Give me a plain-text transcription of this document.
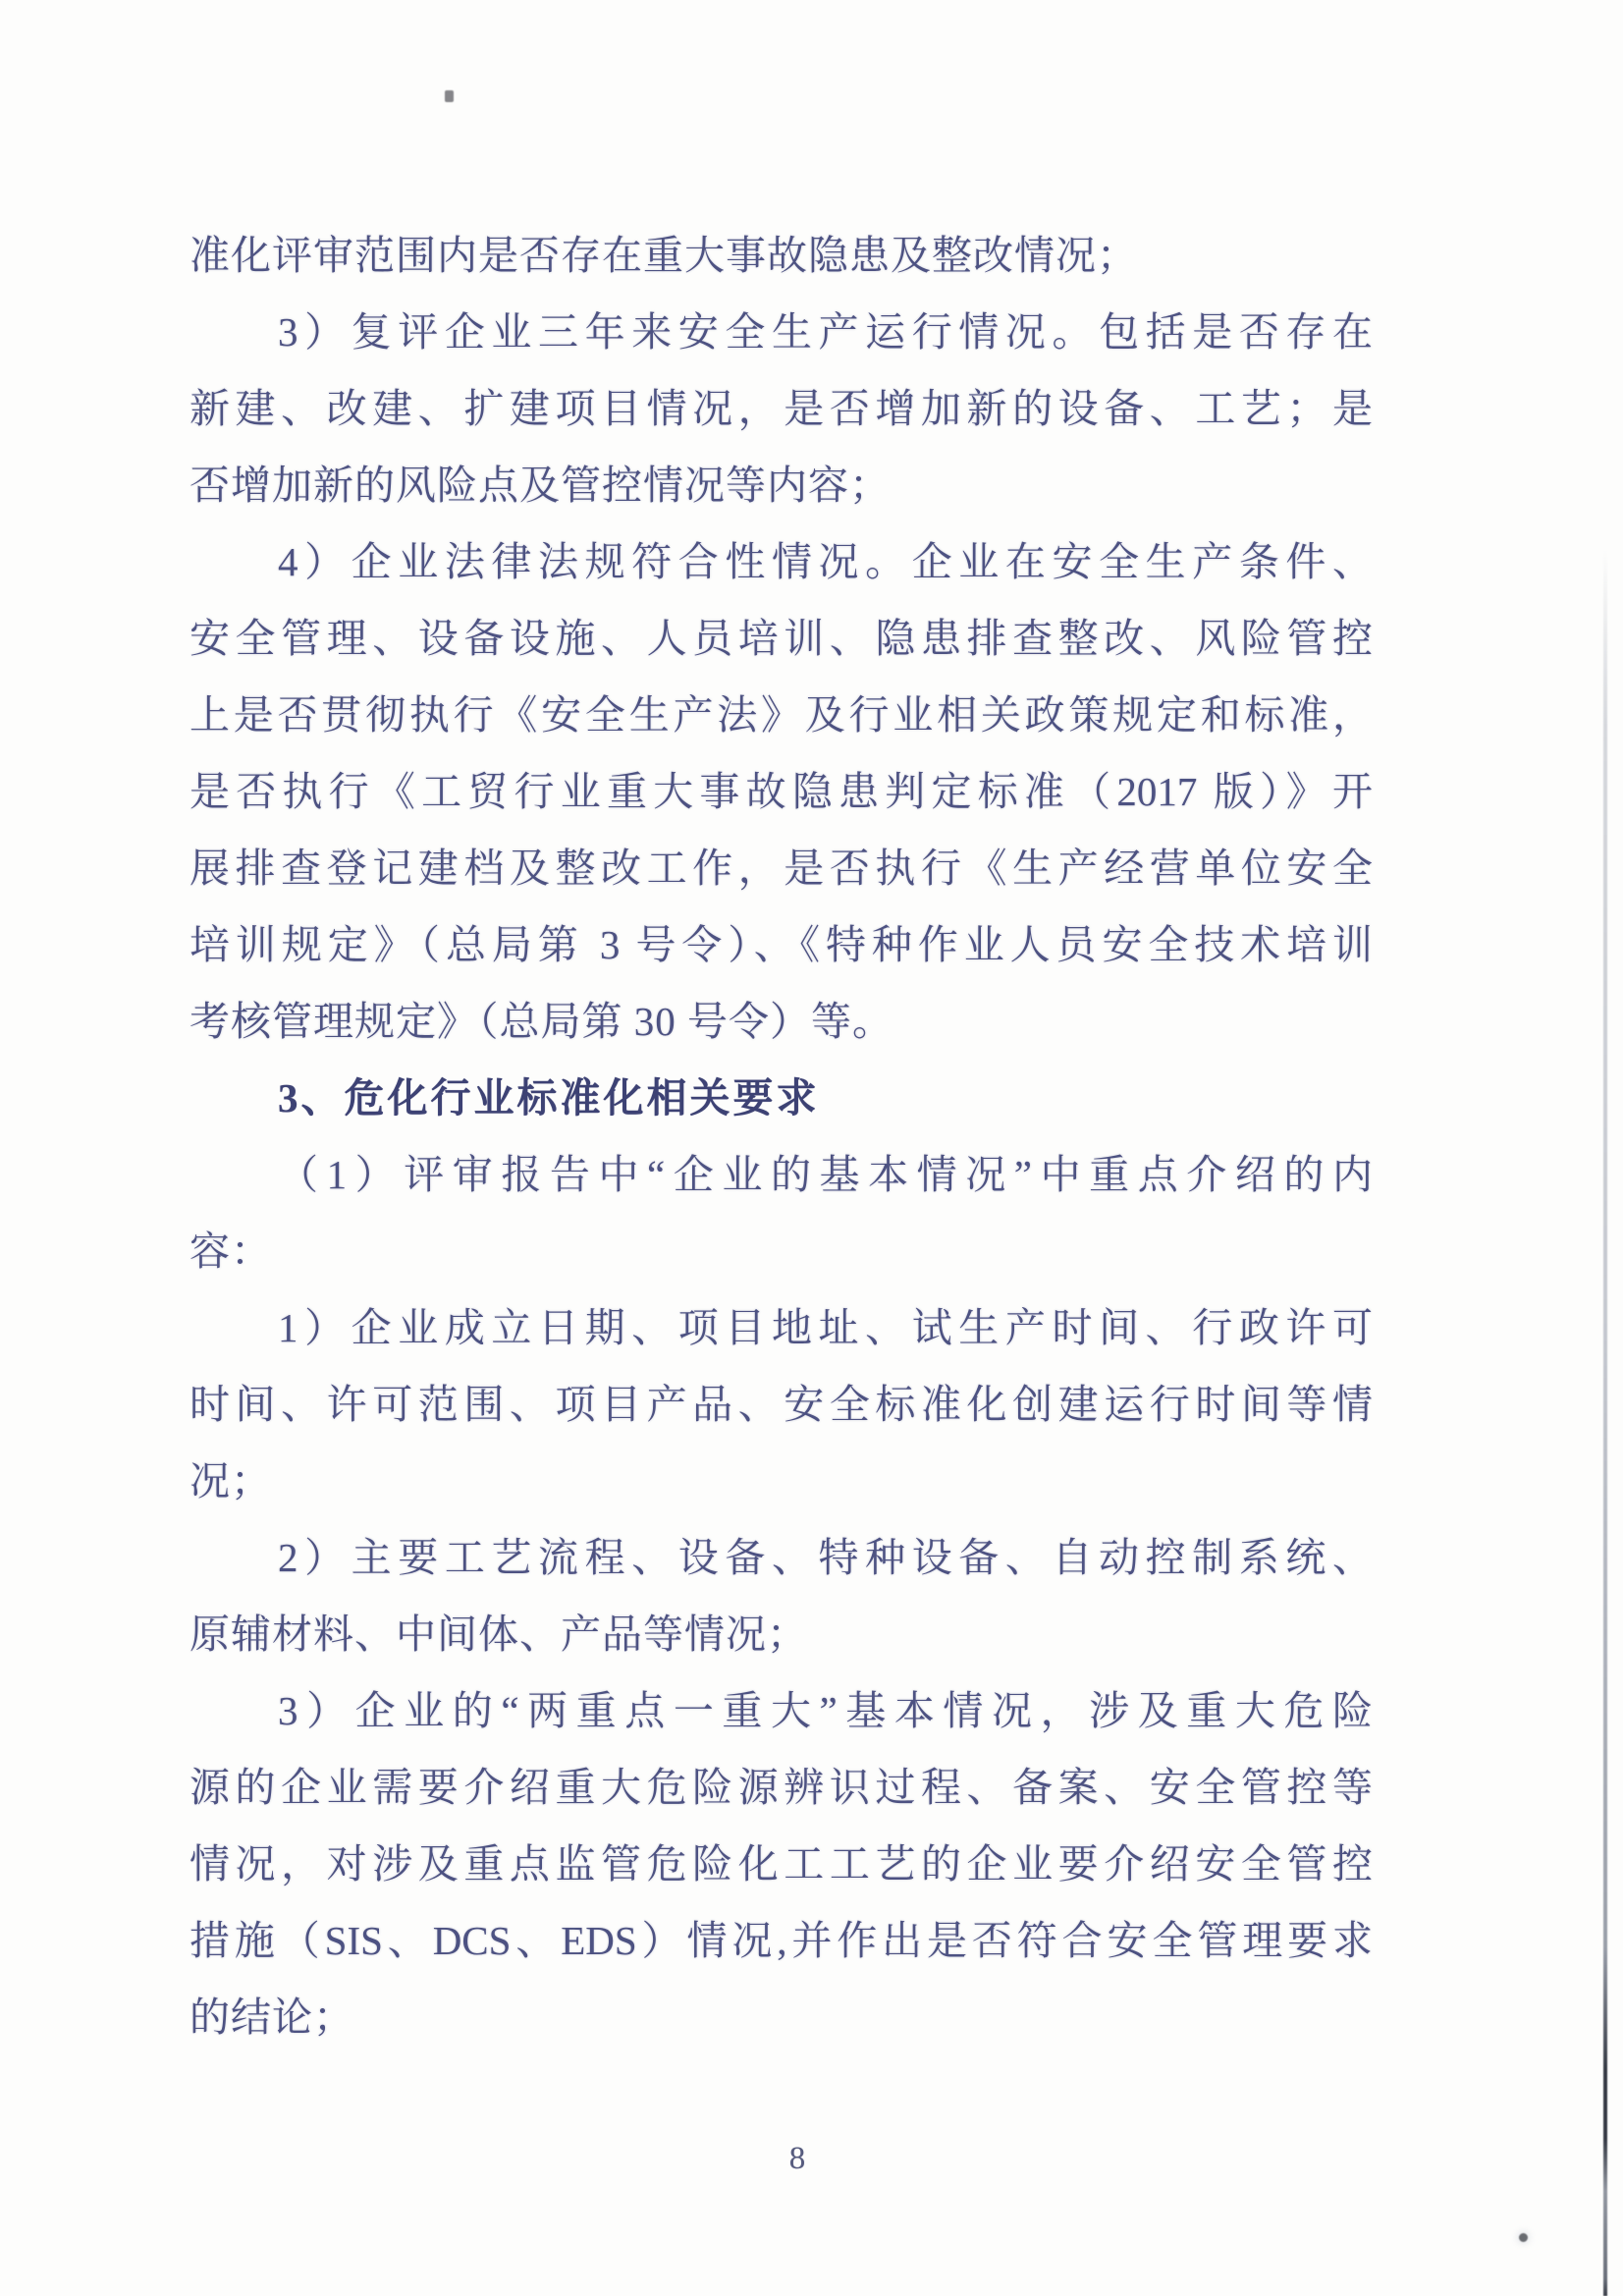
准化评审范围内是否存在重大事故隐患及整改情况；
3）复评企业三年来安全生产运行情况。包括是否存在
新建、改建、扩建项目情况，是否增加新的设备、工艺；是
否增加新的风险点及管控情况等内容；
4）企业法律法规符合性情况。企业在安全生产条件、
安全管理、设备设施、人员培训、隐患排查整改、风险管控
上是否贯彻执行《安全生产法》及行业相关政策规定和标准，
是否执行《工贸行业重大事故隐患判定标准（2017 版）》开
展排查登记建档及整改工作，是否执行《生产经营单位安全
培训规定》（总局第 3 号令）、《特种作业人员安全技术培训
考核管理规定》（总局第 30 号令）等。
3、危化行业标准化相关要求
（1）评审报告中“企业的基本情况”中重点介绍的内
容：
1）企业成立日期、项目地址、试生产时间、行政许可
时间、许可范围、项目产品、安全标准化创建运行时间等情
况；
2）主要工艺流程、设备、特种设备、自动控制系统、
原辅材料、中间体、产品等情况；
3）企业的“两重点一重大”基本情况，涉及重大危险
源的企业需要介绍重大危险源辨识过程、备案、安全管控等
情况，对涉及重点监管危险化工工艺的企业要介绍安全管控
措施（SIS、DCS、EDS）情况,并作出是否符合安全管理要求
的结论；
8
